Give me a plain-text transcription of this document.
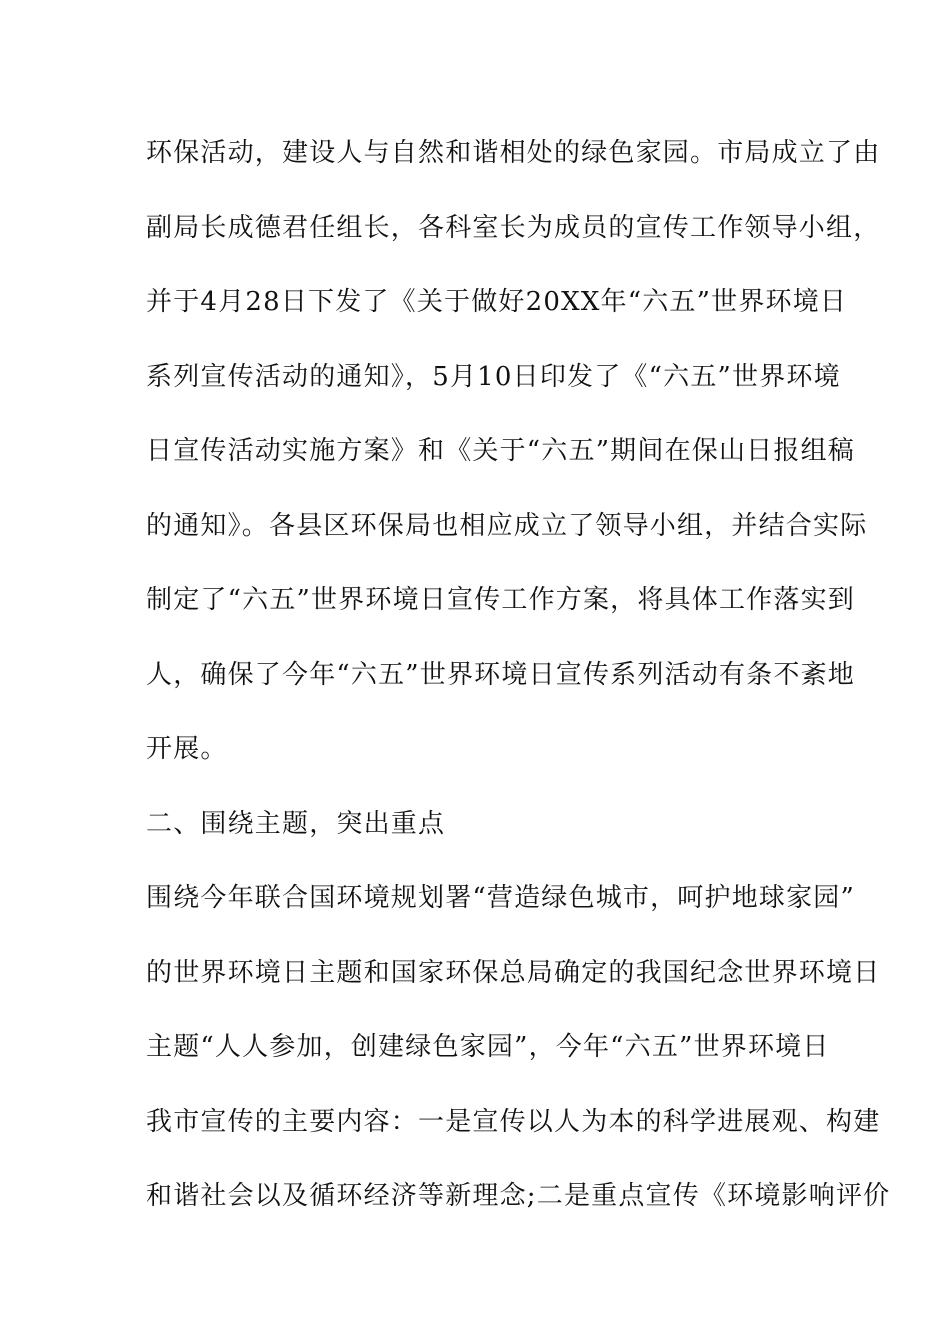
环保活动，建设人与自然和谐相处的绿色家园。市局成立了由
副局长成德君任组长，各科室长为成员的宣传工作领导小组，
并于4月28日下发了《关于做好20XX年“六五”世界环境日
系列宣传活动的通知》，5月10日印发了《“六五”世界环境
日宣传活动实施方案》和《关于“六五”期间在保山日报组稿
的通知》。各县区环保局也相应成立了领导小组，并结合实际
制定了“六五”世界环境日宣传工作方案，将具体工作落实到
人，确保了今年“六五”世界环境日宣传系列活动有条不紊地
开展。
二、围绕主题，突出重点
围绕今年联合国环境规划署“营造绿色城市，呵护地球家园”
的世界环境日主题和国家环保总局确定的我国纪念世界环境日
主题“人人参加，创建绿色家园”，今年“六五”世界环境日
我市宣传的主要内容：一是宣传以人为本的科学进展观、构建
和谐社会以及循环经济等新理念;二是重点宣传《环境影响评价
